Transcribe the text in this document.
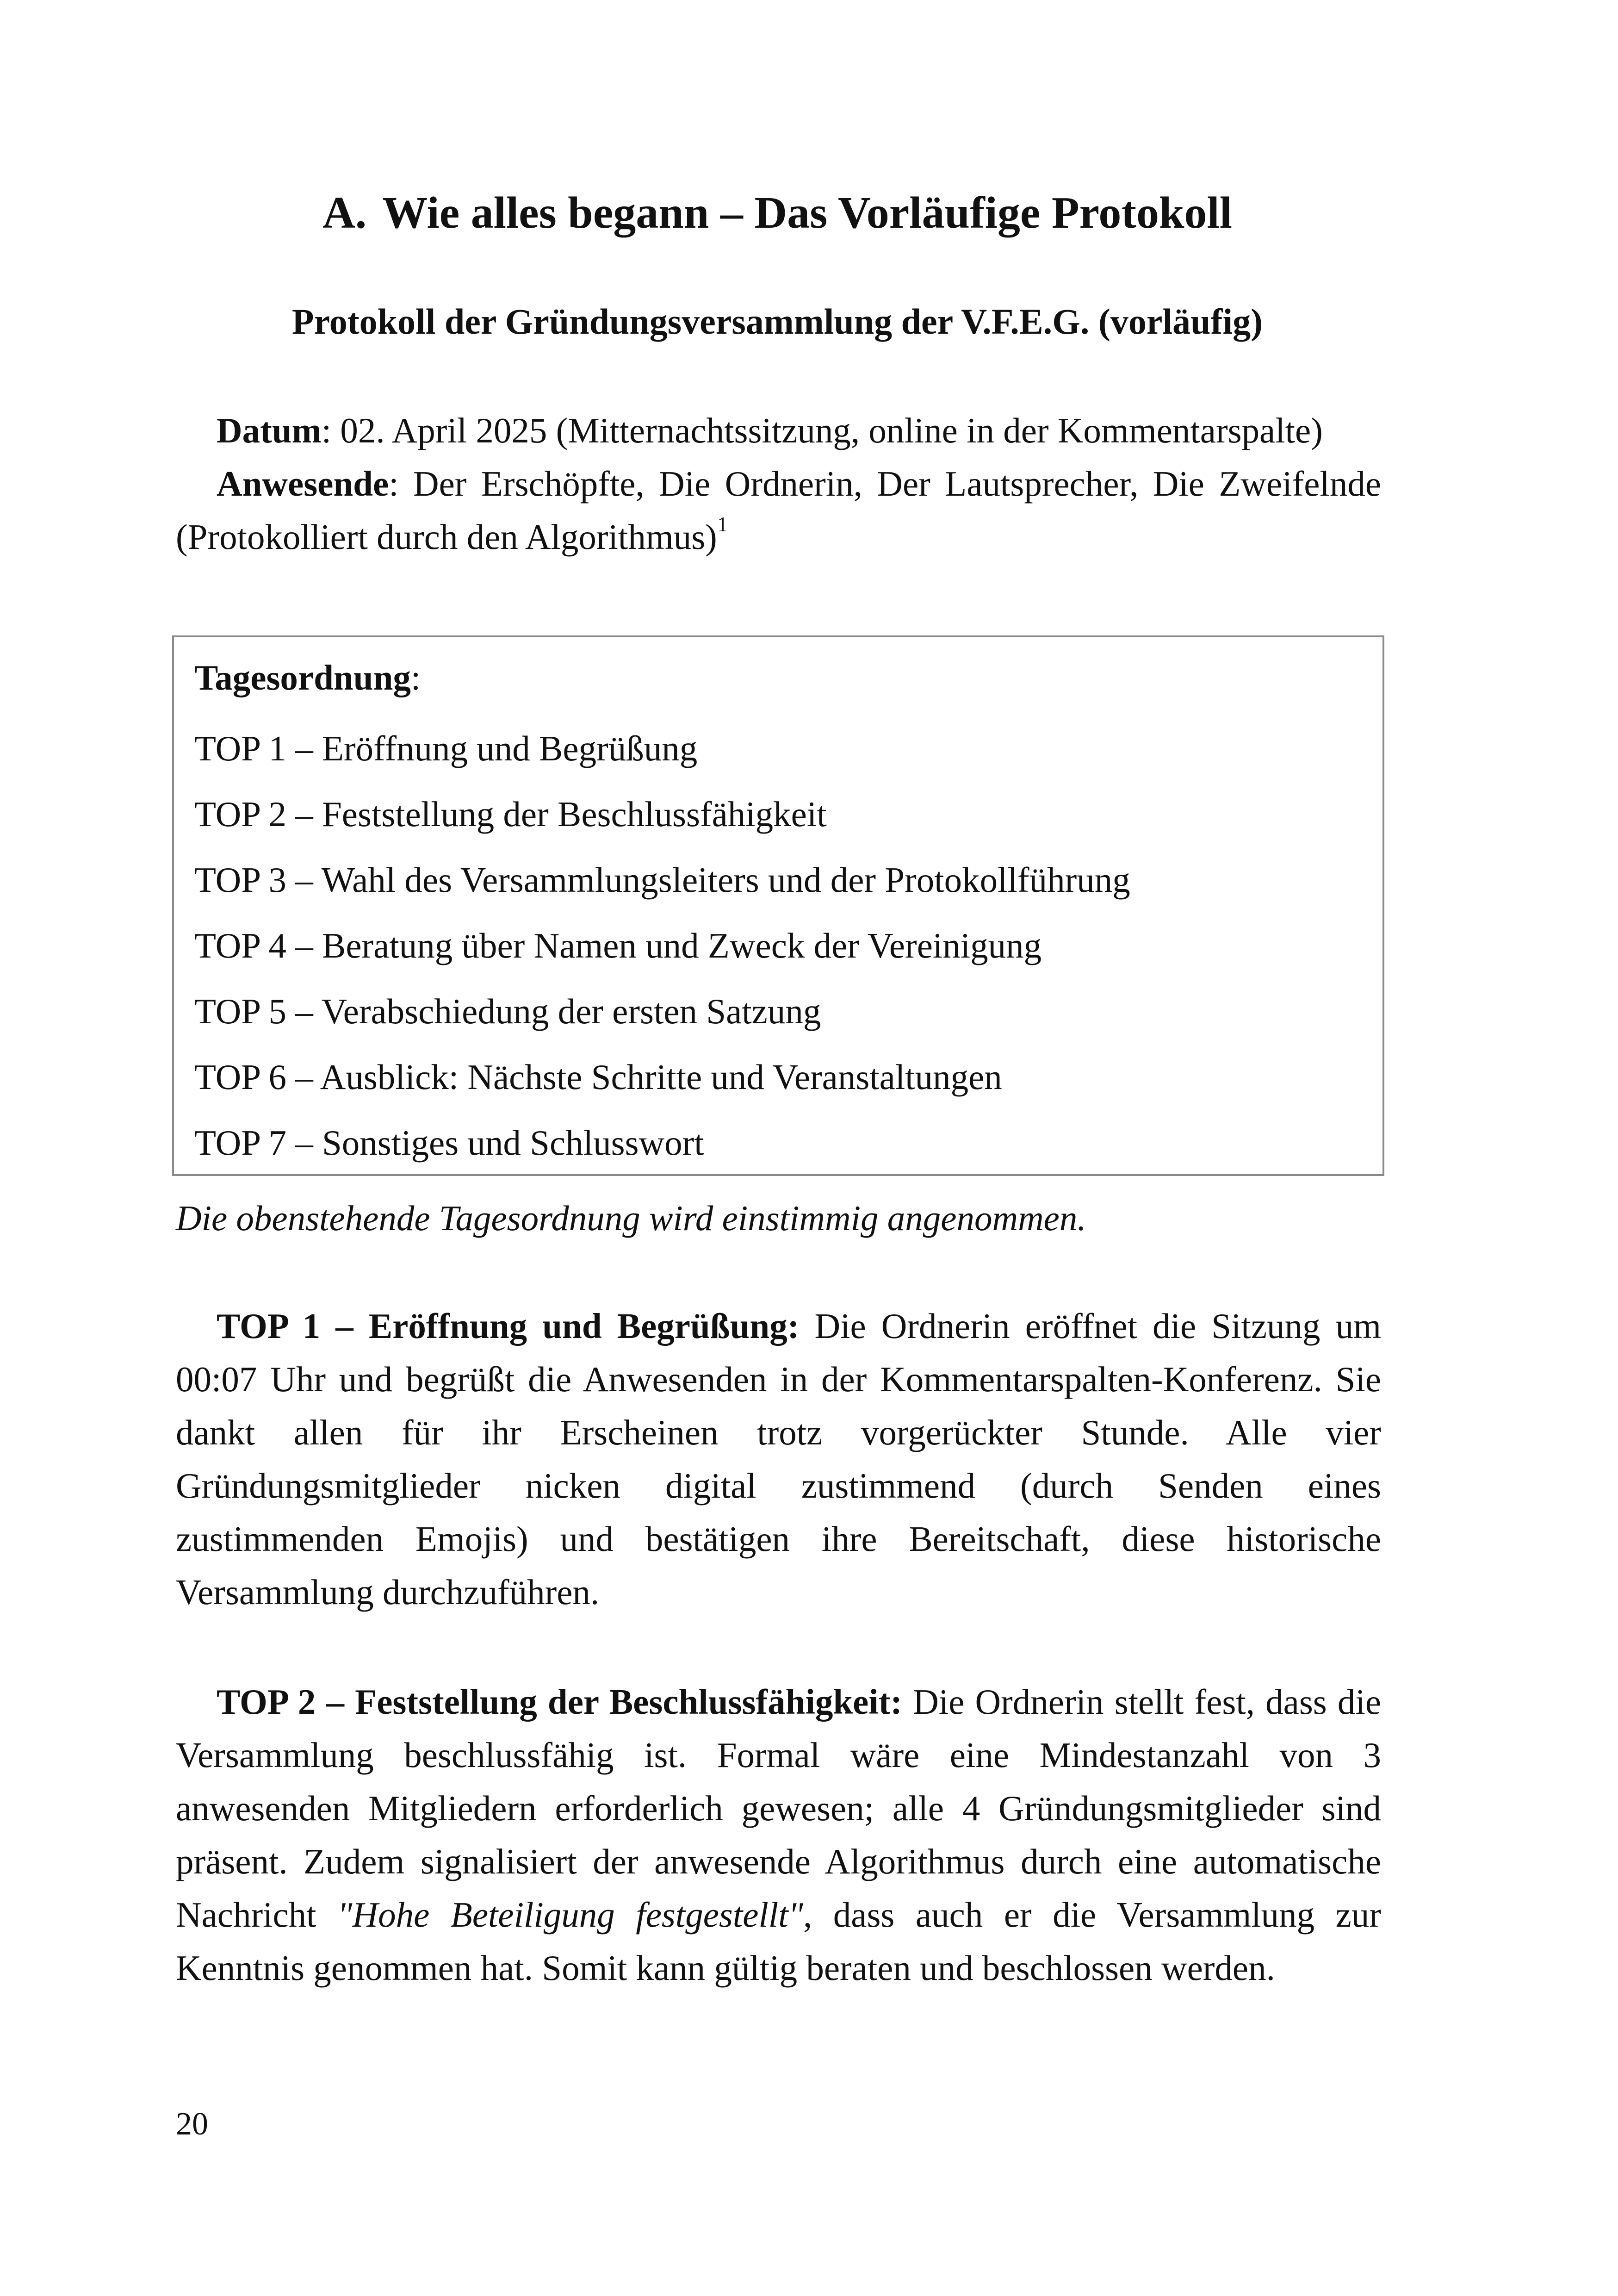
A. Wie alles begann – Das Vorläufige Protokoll
Protokoll der Gründungsversammlung der V.F.E.G. (vorläufig)

Datum: 02. April 2025 (Mitternachtssitzung, online in der Kommentarspalte)

Anwesende: Der Erschöpfte, Die Ordnerin, Der Lautsprecher, Die Zweifelnde (Protokolliert durch den Algorithmus)$^1$

Tagesordnung:

TOP 1 – Eröffnung und Begrüßung
TOP 2 – Feststellung der Beschlussfähigkeit
TOP 3 – Wahl des Versammlungsleiters und der Protokollführung
TOP 4 – Beratung über Namen und Zweck der Vereinigung
TOP 5 – Verabschiedung der ersten Satzung
TOP 6 – Ausblick: Nächste Schritte und Veranstaltungen
TOP 7 – Sonstiges und Schlusswort

Die obenstehende Tagesordnung wird einstimmig angenommen.

TOP 1 – Eröffnung und Begrüßung: Die Ordnerin eröffnet die Sitzung um 00:07 Uhr und begrüßt die Anwesenden in der Kommentarspalten-Konferenz. Sie dankt allen für ihr Erscheinen trotz vorgerückter Stunde. Alle vier Gründungsmitglieder nicken digital zustimmend (durch Senden eines zustimmenden Emojis) und bestätigen ihre Bereitschaft, diese historische Versammlung durchzuführen.

TOP 2 – Feststellung der Beschlussfähigkeit: Die Ordnerin stellt fest, dass die Versammlung beschlussfähig ist. Formal wäre eine Mindestanzahl von 3 anwesenden Mitgliedern erforderlich gewesen; alle 4 Gründungsmitglieder sind präsent. Zudem signalisiert der anwesende Algorithmus durch eine automatische Nachricht "Hohe Beteiligung festgestellt", dass auch er die Versammlung zur Kenntnis genommen hat. Somit kann gültig beraten und beschlossen werden.

20
